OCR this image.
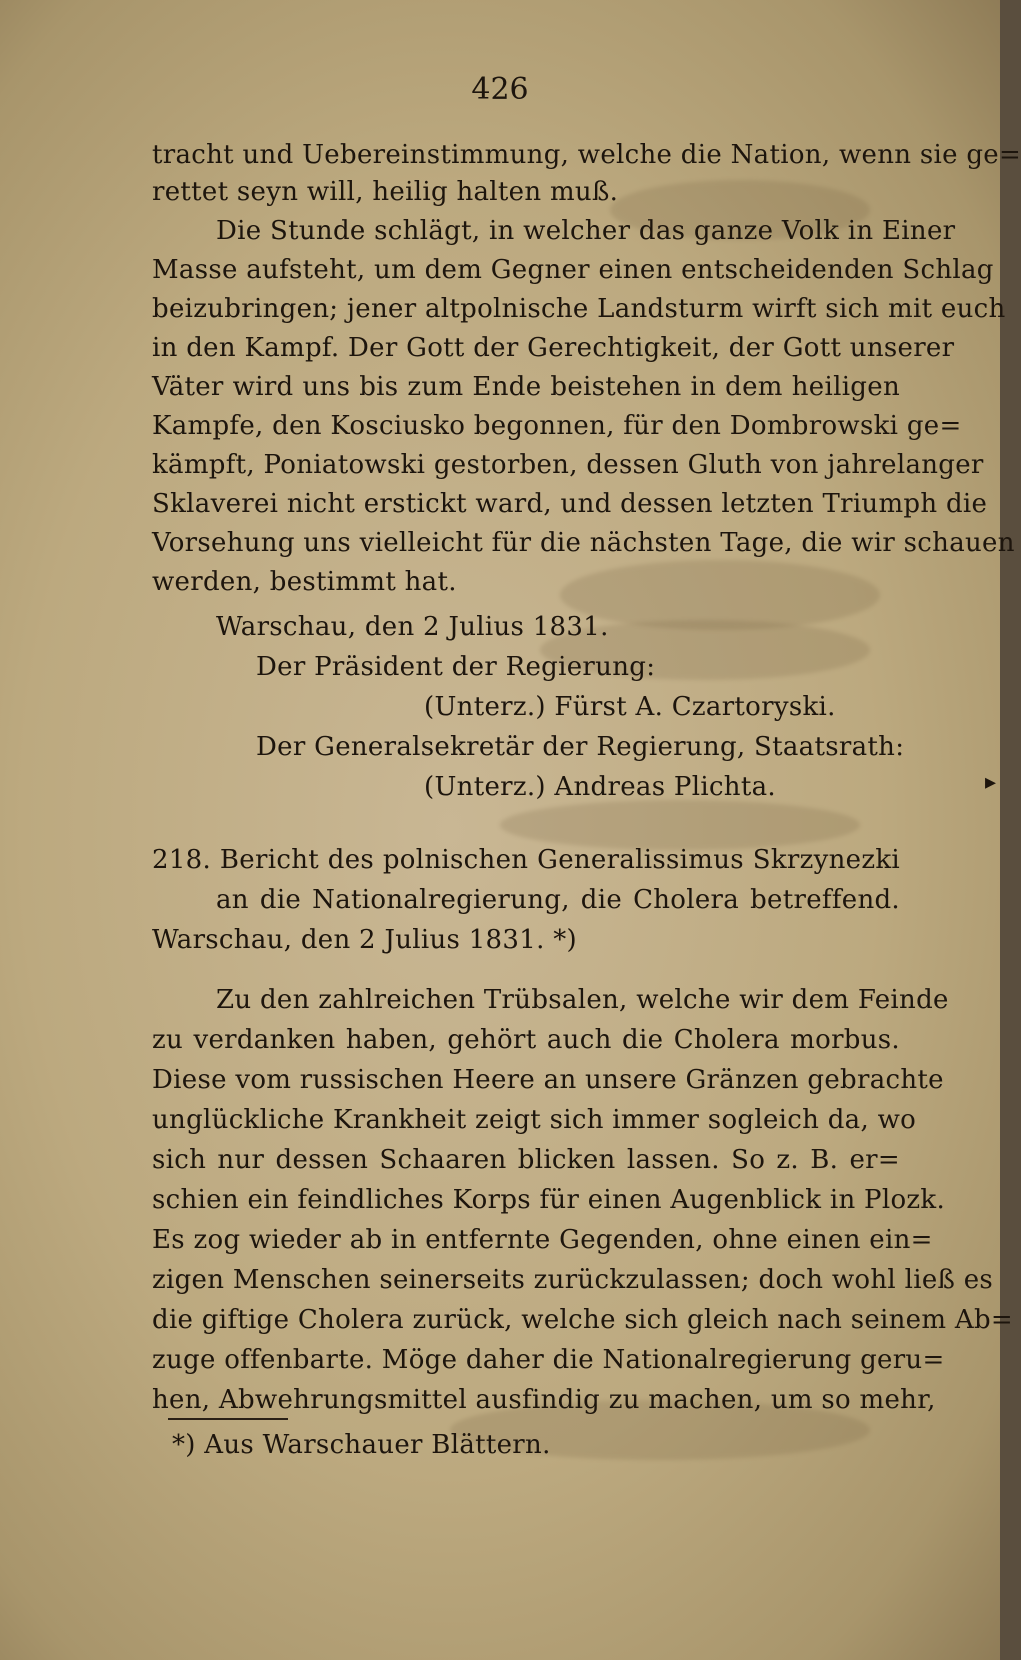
426
tracht und Uebereinstimmung, welche die Nation, wenn sie ge=
rettet seyn will, heilig halten muß.
Die Stunde schlägt, in welcher das ganze Volk in Einer
Masse aufsteht, um dem Gegner einen entscheidenden Schlag
beizubringen; jener altpolnische Landsturm wirft sich mit euch
in den Kampf. Der Gott der Gerechtigkeit, der Gott unserer
Väter wird uns bis zum Ende beistehen in dem heiligen
Kampfe, den Kosciusko begonnen, für den Dombrowski ge=
kämpft, Poniatowski gestorben, dessen Gluth von jahrelanger
Sklaverei nicht erstickt ward, und dessen letzten Triumph die
Vorsehung uns vielleicht für die nächsten Tage, die wir schauen
werden, bestimmt hat.
Warschau, den 2 Julius 1831.
Der Präsident der Regierung:
(Unterz.) Fürst A. Czartoryski.
Der Generalsekretär der Regierung, Staatsrath:
(Unterz.) Andreas Plichta.
218. Bericht des polnischen Generalissimus Skrzynezki
an die Nationalregierung, die Cholera betreffend.
Warschau, den 2 Julius 1831. *)
Zu den zahlreichen Trübsalen, welche wir dem Feinde
zu verdanken haben, gehört auch die Cholera morbus.
Diese vom russischen Heere an unsere Gränzen gebrachte
unglückliche Krankheit zeigt sich immer sogleich da, wo
sich nur dessen Schaaren blicken lassen. So z. B. er=
schien ein feindliches Korps für einen Augenblick in Plozk.
Es zog wieder ab in entfernte Gegenden, ohne einen ein=
zigen Menschen seinerseits zurückzulassen; doch wohl ließ es
die giftige Cholera zurück, welche sich gleich nach seinem Ab=
zuge offenbarte. Möge daher die Nationalregierung geru=
hen, Abwehrungsmittel ausfindig zu machen, um so mehr,
*) Aus Warschauer Blättern.
▸
